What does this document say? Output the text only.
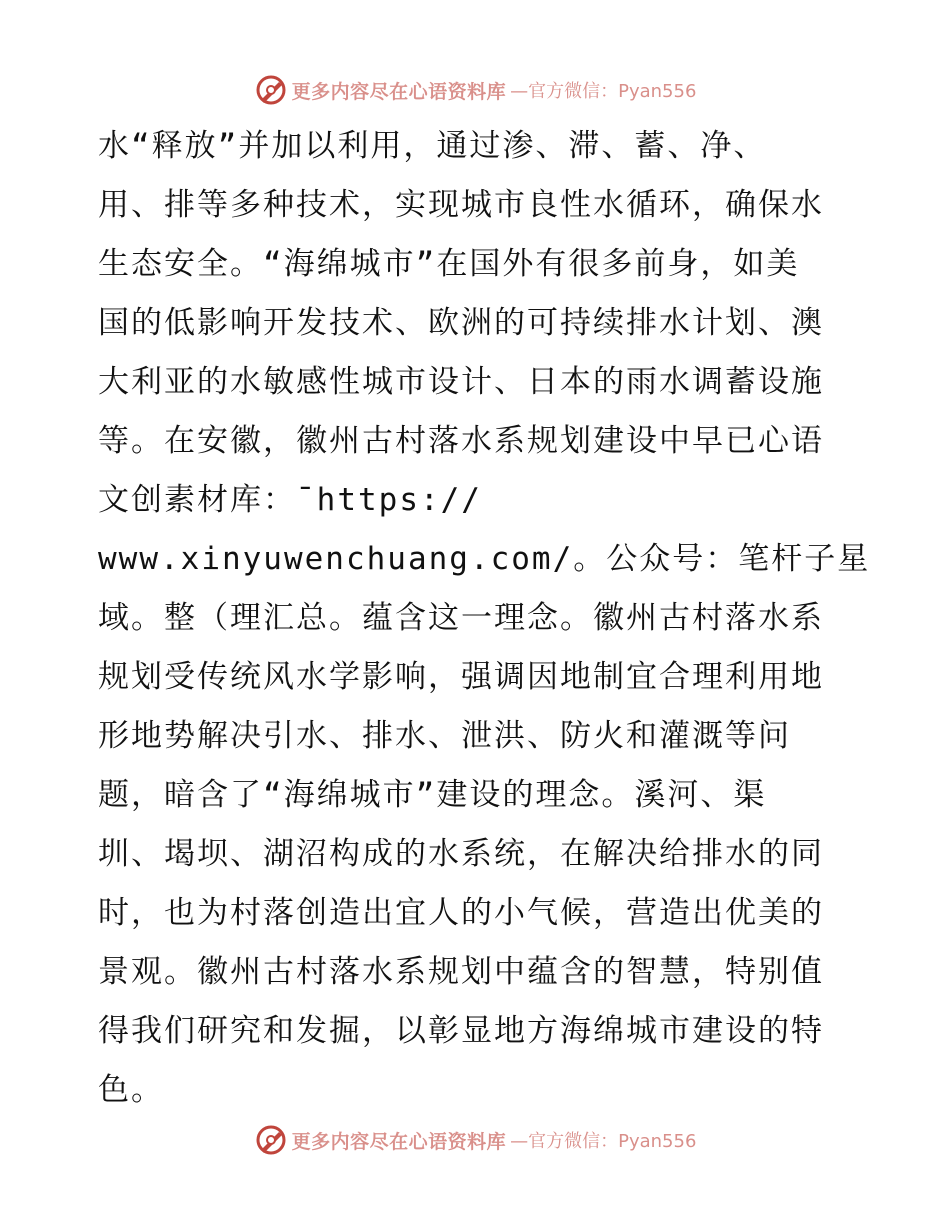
更多内容尽在心语资料库 —官方微信：Pyan556
水“释放”并加以利用，通过渗、滞、蓄、净、
用、排等多种技术，实现城市良性水循环，确保水
生态安全。“海绵城市”在国外有很多前身，如美
国的低影响开发技术、欧洲的可持续排水计划、澳
大利亚的水敏感性城市设计、日本的雨水调蓄设施
等。在安徽，徽州古村落水系规划建设中早已心语
文创素材库：¯https://
www.xinyuwenchuang.com/。公众号：笔杆子星
域。整（理汇总。蕴含这一理念。徽州古村落水系
规划受传统风水学影响，强调因地制宜合理利用地
形地势解决引水、排水、泄洪、防火和灌溉等问
题，暗含了“海绵城市”建设的理念。溪河、渠
圳、堨坝、湖沼构成的水系统，在解决给排水的同
时，也为村落创造出宜人的小气候，营造出优美的
景观。徽州古村落水系规划中蕴含的智慧，特别值
得我们研究和发掘，以彰显地方海绵城市建设的特
色。
更多内容尽在心语资料库 —官方微信：Pyan556
